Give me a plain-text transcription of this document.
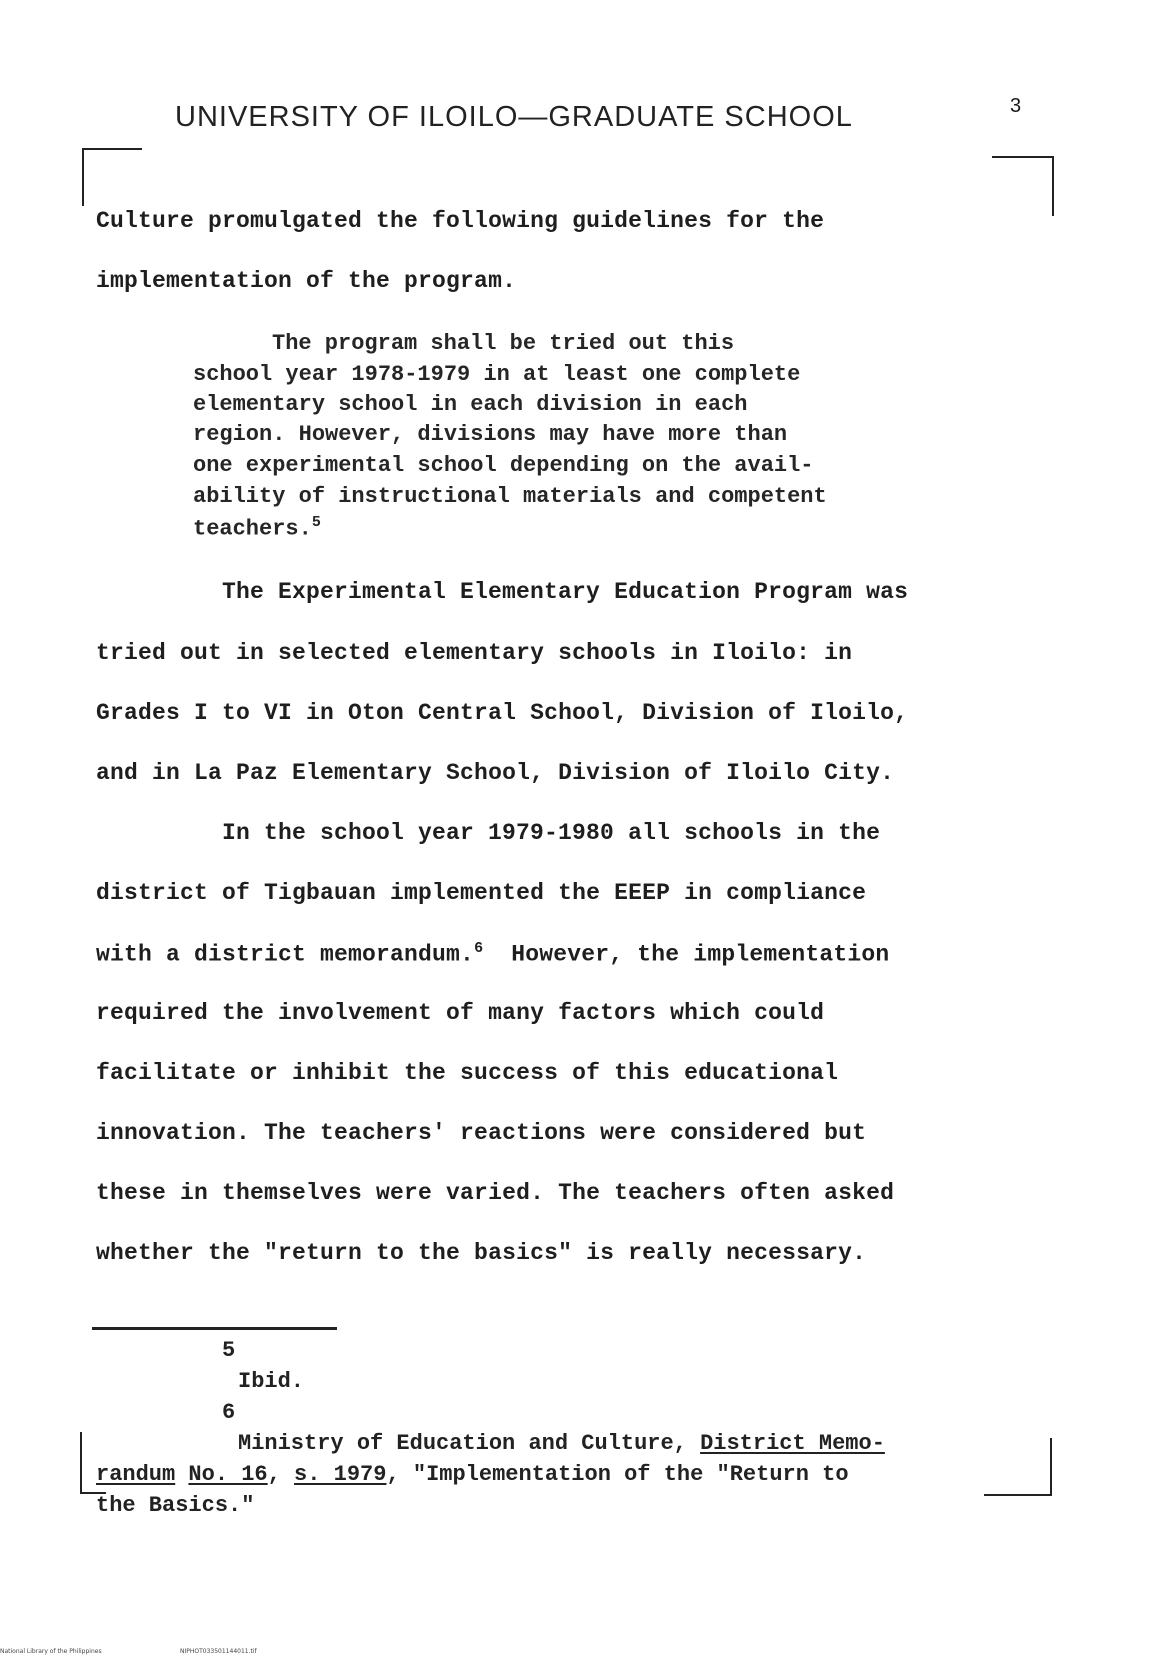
UNIVERSITY OF ILOILO—GRADUATE SCHOOL	3
Culture promulgated the following guidelines for the
implementation of the program.
The program shall be tried out this
school year 1978-1979 in at least one complete
elementary school in each division in each
region. However, divisions may have more than
one experimental school depending on the avail-
ability of instructional materials and competent
teachers.$^5$
The Experimental Elementary Education Program was
tried out in selected elementary schools in Iloilo: in
Grades I to VI in Oton Central School, Division of Iloilo,
and in La Paz Elementary School, Division of Iloilo City.
In the school year 1979-1980 all schools in the
district of Tigbauan implemented the EEEP in compliance
with a district memorandum.$^6$ However, the implementation
required the involvement of many factors which could
facilitate or inhibit the success of this educational
innovation. The teachers' reactions were considered but
these in themselves were varied. The teachers often asked
whether the "return to the basics" is really necessary.
5
Ibid.
6
Ministry of Education and Culture, District Memo-
randum No. 16, s. 1979, "Implementation of the "Return to
the Basics."
National Library of the Philippines	NIPHOT033501144011.tif
